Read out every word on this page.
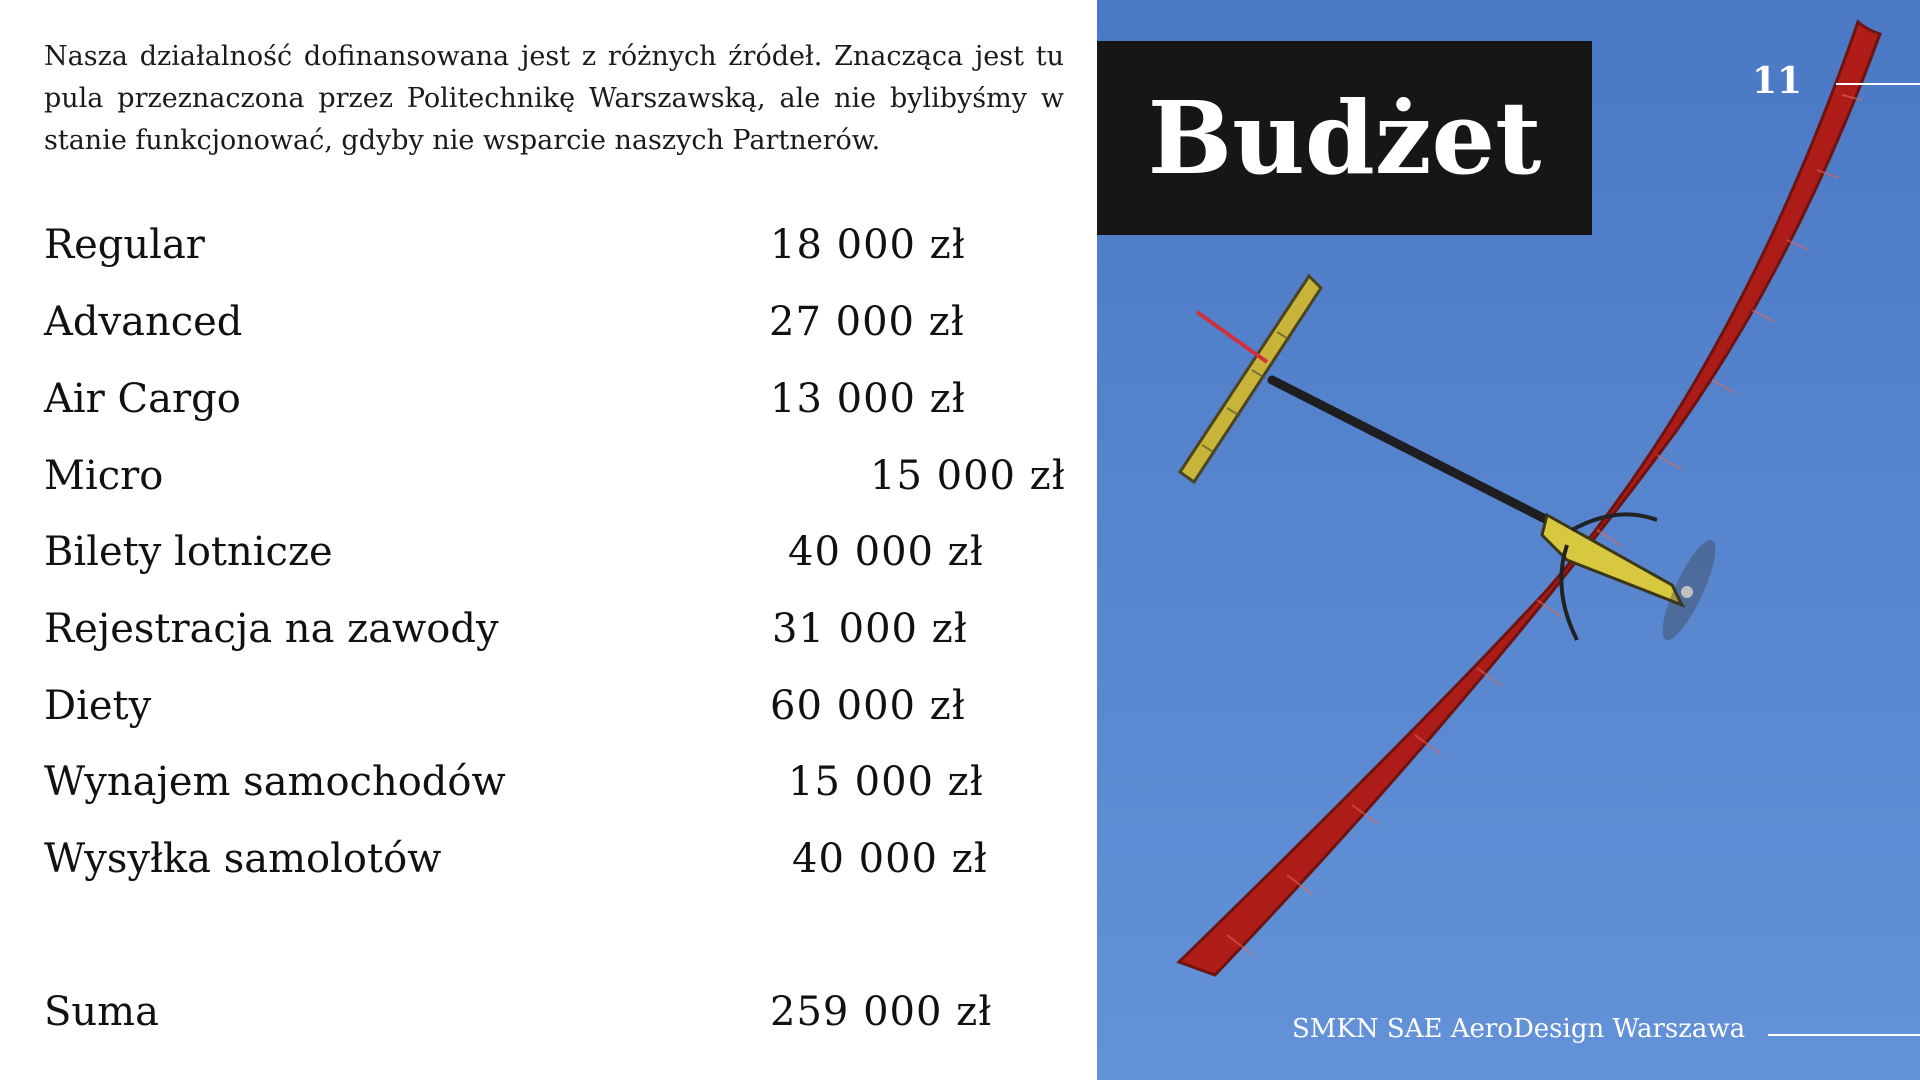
Nasza działalność dofinansowana jest z różnych źródeł. Znacząca jest tu pula przeznaczona przez Politechnikę Warszawską, ale nie bylibyśmy w stanie funkcjonować, gdyby nie wsparcie naszych Partnerów.

Regular	18 000 zł
Advanced	27 000 zł
Air Cargo	13 000 zł
Micro	15 000 zł
Bilety lotnicze	40 000 zł
Rejestracja na zawody	31 000 zł
Diety	60 000 zł
Wynajem samochodów	15 000 zł
Wysyłka samolotów	40 000 zł
Suma	259 000 zł
Budżet	11
SMKN SAE AeroDesign Warszawa
